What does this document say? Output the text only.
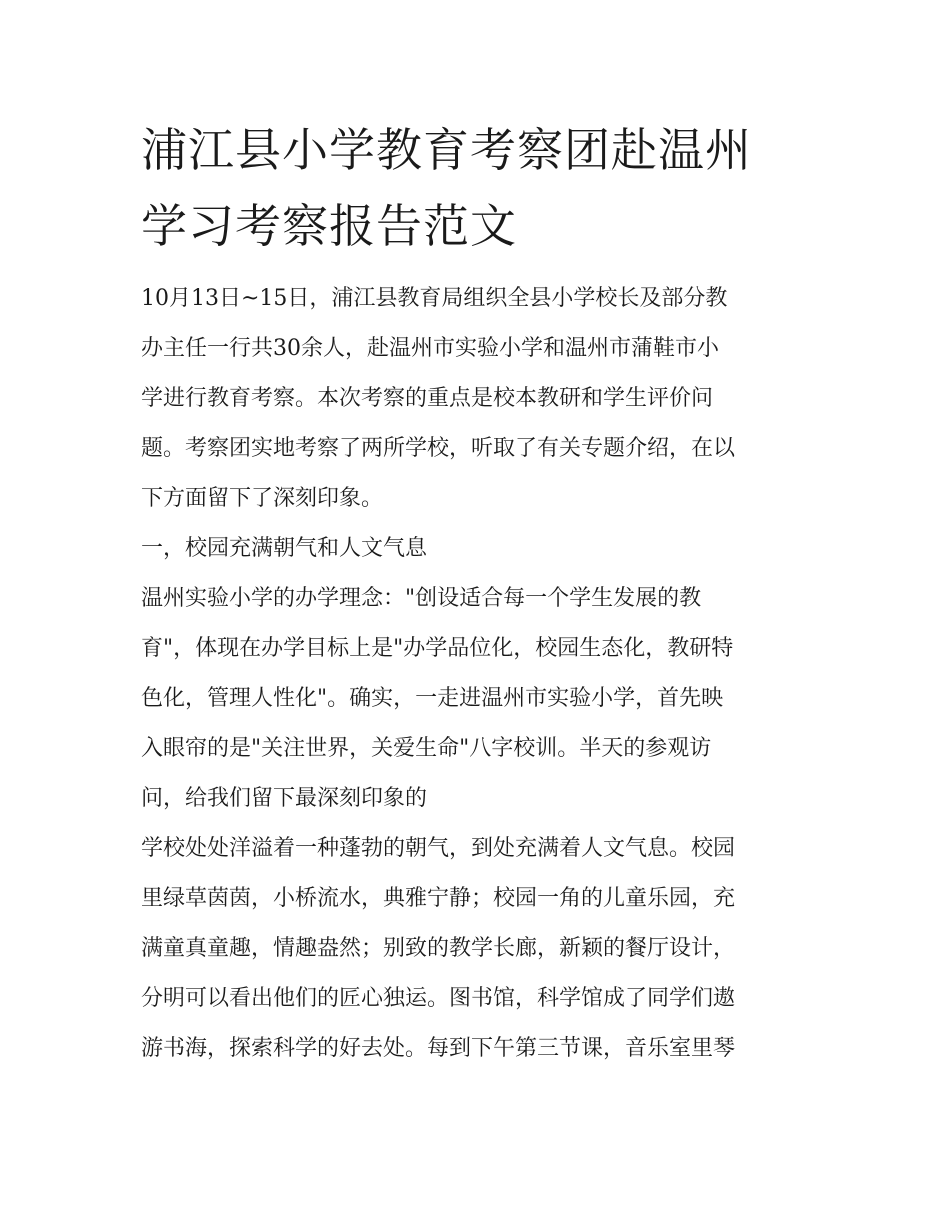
浦江县小学教育考察团赴温州
学习考察报告范文
10月13日~15日，浦江县教育局组织全县小学校长及部分教
办主任一行共30余人，赴温州市实验小学和温州市蒲鞋市小
学进行教育考察。本次考察的重点是校本教研和学生评价问
题。考察团实地考察了两所学校，听取了有关专题介绍，在以
下方面留下了深刻印象。
一，校园充满朝气和人文气息
温州实验小学的办学理念："创设适合每一个学生发展的教
育"，体现在办学目标上是"办学品位化，校园生态化，教研特
色化，管理人性化"。确实，一走进温州市实验小学，首先映
入眼帘的是"关注世界，关爱生命"八字校训。半天的参观访
问，给我们留下最深刻印象的
学校处处洋溢着一种蓬勃的朝气，到处充满着人文气息。校园
里绿草茵茵，小桥流水，典雅宁静；校园一角的儿童乐园，充
满童真童趣，情趣盎然；别致的教学长廊，新颖的餐厅设计，
分明可以看出他们的匠心独运。图书馆，科学馆成了同学们遨
游书海，探索科学的好去处。每到下午第三节课，音乐室里琴
